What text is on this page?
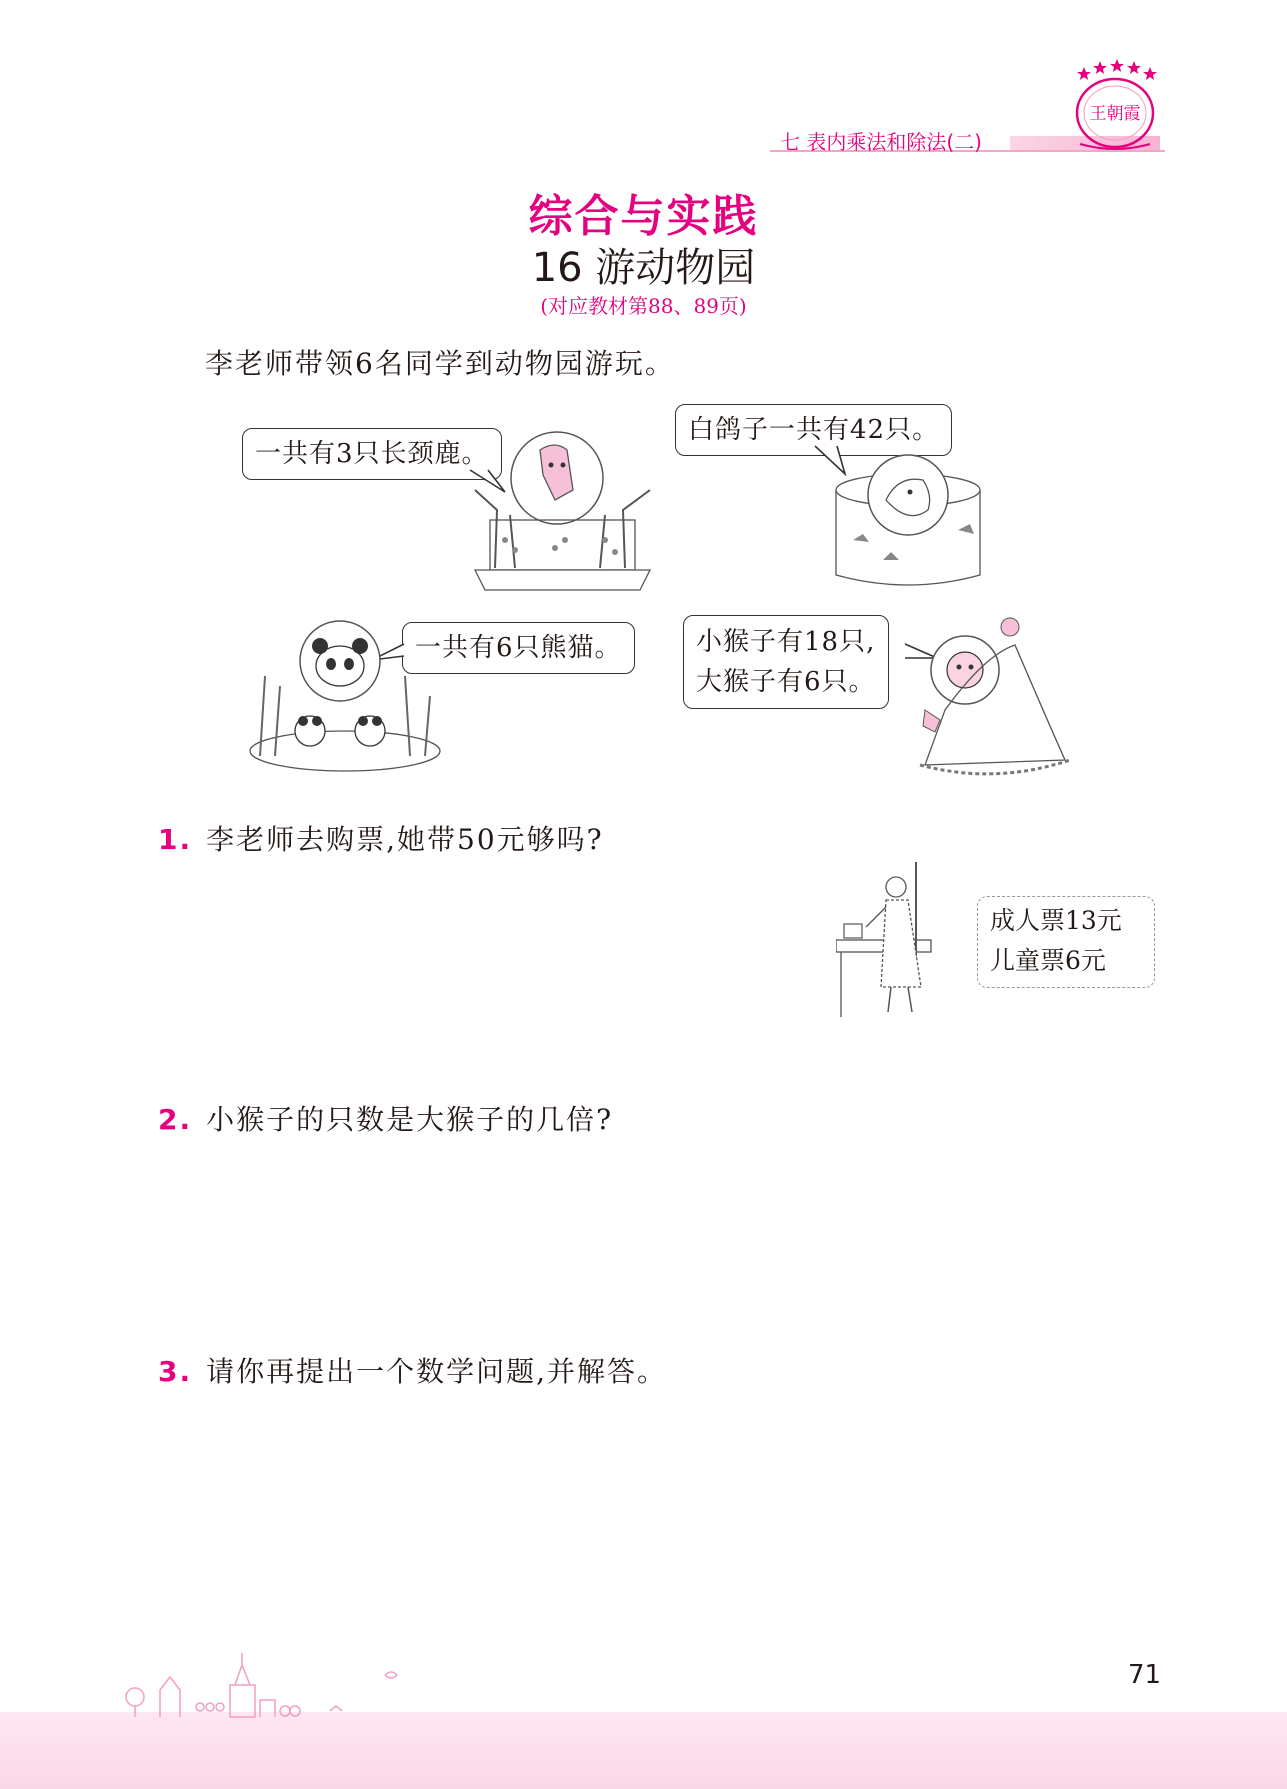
七 表内乘法和除法(二)
王朝霞
综合与实践
16 游动物园
(对应教材第88、89页)
李老师带领6名同学到动物园游玩。
一共有3只长颈鹿。
白鸽子一共有42只。
一共有6只熊猫。	小猴子有18只,
大猴子有6只。
1. 李老师去购票,她带50元够吗?
成人票13元
儿童票6元
2. 小猴子的只数是大猴子的几倍?
3. 请你再提出一个数学问题,并解答。
71
